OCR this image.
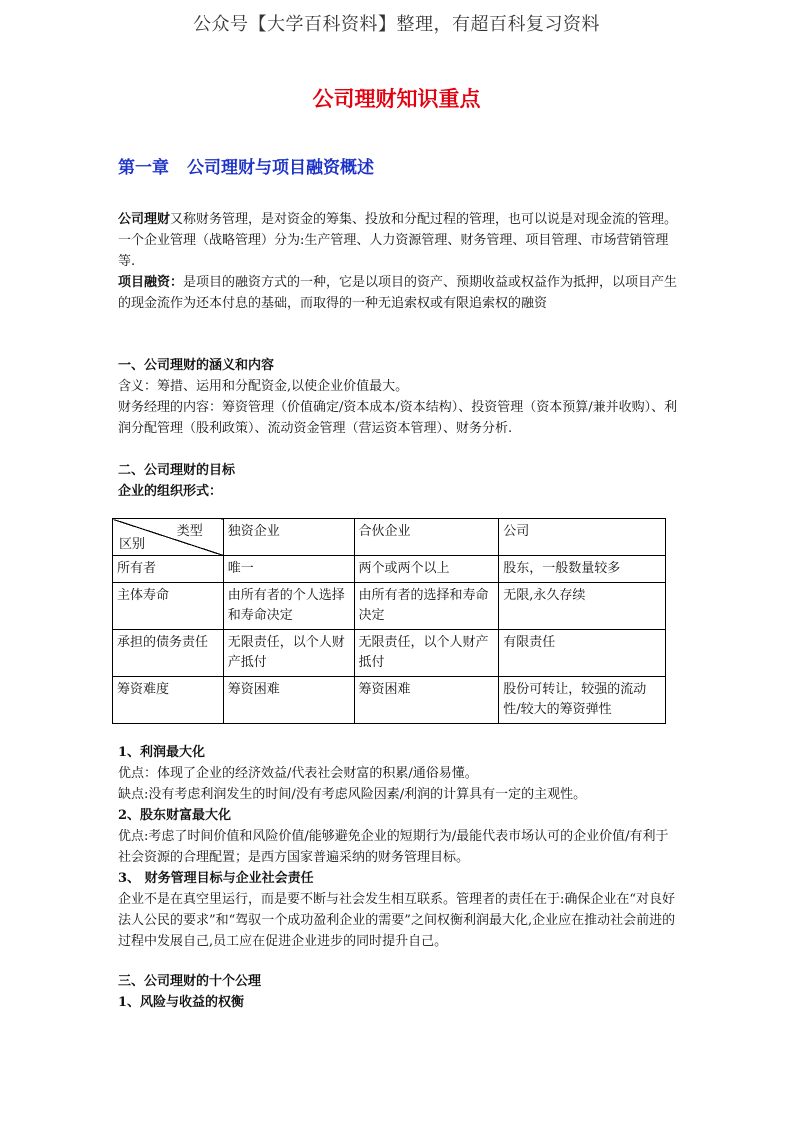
公众号【大学百科资料】整理，有超百科复习资料
公司理财知识重点
第一章 公司理财与项目融资概述
公司理财又称财务管理，是对资金的筹集、投放和分配过程的管理，也可以说是对现金流的管理。
一个企业管理（战略管理）分为:生产管理、人力资源管理、财务管理、项目管理、市场营销管理等.
项目融资：是项目的融资方式的一种，它是以项目的资产、预期收益或权益作为抵押，以项目产生的现金流作为还本付息的基础，而取得的一种无追索权或有限追索权的融资
一、公司理财的涵义和内容
含义：筹措、运用和分配资金,以使企业价值最大。
财务经理的内容：筹资管理（价值确定/资本成本/资本结构）、投资管理（资本预算/兼并收购）、利润分配管理（股利政策）、流动资金管理（营运资本管理）、财务分析.
二、公司理财的目标
企业的组织形式：
类型
区别	独资企业	合伙企业	公司
所有者	唯一	两个或两个以上	股东，一般数量较多
主体寿命	由所有者的个人选择和寿命决定	由所有者的选择和寿命决定	无限,永久存续
承担的债务责任	无限责任，以个人财产抵付	无限责任，以个人财产抵付	有限责任
筹资难度	筹资困难	筹资困难	股份可转让，较强的流动性/较大的筹资弹性
1、利润最大化
优点：体现了企业的经济效益/代表社会财富的积累/通俗易懂。
缺点:没有考虑利润发生的时间/没有考虑风险因素/利润的计算具有一定的主观性。
2、股东财富最大化
优点:考虑了时间价值和风险价值/能够避免企业的短期行为/最能代表市场认可的企业价值/有利于社会资源的合理配置；是西方国家普遍采纳的财务管理目标。
3、 财务管理目标与企业社会责任
企业不是在真空里运行，而是要不断与社会发生相互联系。管理者的责任在于:确保企业在“对良好法人公民的要求”和“驾驭一个成功盈利企业的需要”之间权衡利润最大化,企业应在推动社会前进的过程中发展自己,员工应在促进企业进步的同时提升自己。
三、公司理财的十个公理
1、风险与收益的权衡
